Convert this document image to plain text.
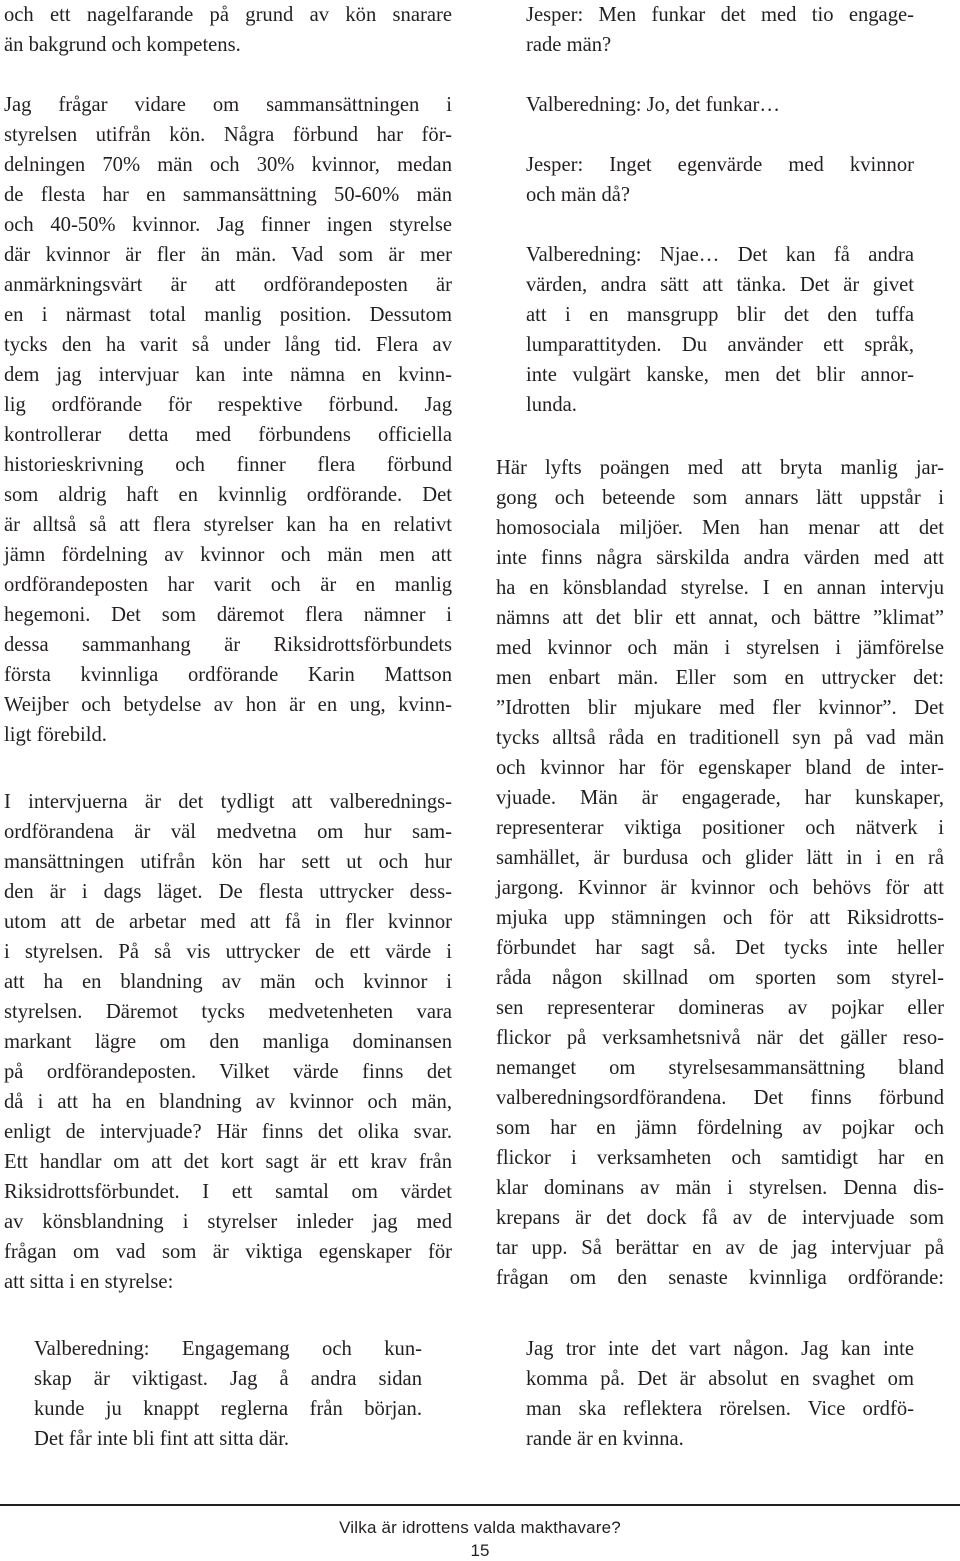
och ett nagelfarande på grund av kön snarare
än bakgrund och kompetens.
Jag frågar vidare om sammansättningen i
styrelsen utifrån kön. Några förbund har för-
delningen 70% män och 30% kvinnor, medan
de flesta har en sammansättning 50-60% män
och 40-50% kvinnor. Jag finner ingen styrelse
där kvinnor är fler än män. Vad som är mer
anmärkningsvärt är att ordförandeposten är
en i närmast total manlig position. Dessutom
tycks den ha varit så under lång tid. Flera av
dem jag intervjuar kan inte nämna en kvinn-
lig ordförande för respektive förbund. Jag
kontrollerar detta med förbundens officiella
historieskrivning och finner flera förbund
som aldrig haft en kvinnlig ordförande. Det
är alltså så att flera styrelser kan ha en relativt
jämn fördelning av kvinnor och män men att
ordförandeposten har varit och är en manlig
hegemoni. Det som däremot flera nämner i
dessa sammanhang är Riksidrottsförbundets
första kvinnliga ordförande Karin Mattson
Weijber och betydelse av hon är en ung, kvinn-
ligt förebild.
I intervjuerna är det tydligt att valberednings-
ordförandena är väl medvetna om hur sam-
mansättningen utifrån kön har sett ut och hur
den är i dags läget. De flesta uttrycker dess-
utom att de arbetar med att få in fler kvinnor
i styrelsen. På så vis uttrycker de ett värde i
att ha en blandning av män och kvinnor i
styrelsen. Däremot tycks medvetenheten vara
markant lägre om den manliga dominansen
på ordförandeposten. Vilket värde finns det
då i att ha en blandning av kvinnor och män,
enligt de intervjuade? Här finns det olika svar.
Ett handlar om att det kort sagt är ett krav från
Riksidrottsförbundet. I ett samtal om värdet
av könsblandning i styrelser inleder jag med
frågan om vad som är viktiga egenskaper för
att sitta i en styrelse:
Valberedning: Engagemang och kun-
skap är viktigast. Jag å andra sidan
kunde ju knappt reglerna från början.
Det får inte bli fint att sitta där.
Jesper: Men funkar det med tio engage-
rade män?
Valberedning: Jo, det funkar…
Jesper: Inget egenvärde med kvinnor
och män då?
Valberedning: Njae… Det kan få andra
värden, andra sätt att tänka. Det är givet
att i en mansgrupp blir det den tuffa
lumparattityden. Du använder ett språk,
inte vulgärt kanske, men det blir annor-
lunda.
Här lyfts poängen med att bryta manlig jar-
gong och beteende som annars lätt uppstår i
homosociala miljöer. Men han menar att det
inte finns några särskilda andra värden med att
ha en könsblandad styrelse. I en annan intervju
nämns att det blir ett annat, och bättre ”klimat”
med kvinnor och män i styrelsen i jämförelse
men enbart män. Eller som en uttrycker det:
”Idrotten blir mjukare med fler kvinnor”. Det
tycks alltså råda en traditionell syn på vad män
och kvinnor har för egenskaper bland de inter-
vjuade. Män är engagerade, har kunskaper,
representerar viktiga positioner och nätverk i
samhället, är burdusa och glider lätt in i en rå
jargong. Kvinnor är kvinnor och behövs för att
mjuka upp stämningen och för att Riksidrotts-
förbundet har sagt så. Det tycks inte heller
råda någon skillnad om sporten som styrel-
sen representerar domineras av pojkar eller
flickor på verksamhetsnivå när det gäller reso-
nemanget om styrelsesammansättning bland
valberedningsordförandena. Det finns förbund
som har en jämn fördelning av pojkar och
flickor i verksamheten och samtidigt har en
klar dominans av män i styrelsen. Denna dis-
krepans är det dock få av de intervjuade som
tar upp. Så berättar en av de jag intervjuar på
frågan om den senaste kvinnliga ordförande:
Jag tror inte det vart någon. Jag kan inte
komma på. Det är absolut en svaghet om
man ska reflektera rörelsen. Vice ordfö-
rande är en kvinna.
Vilka är idrottens valda makthavare?
15
